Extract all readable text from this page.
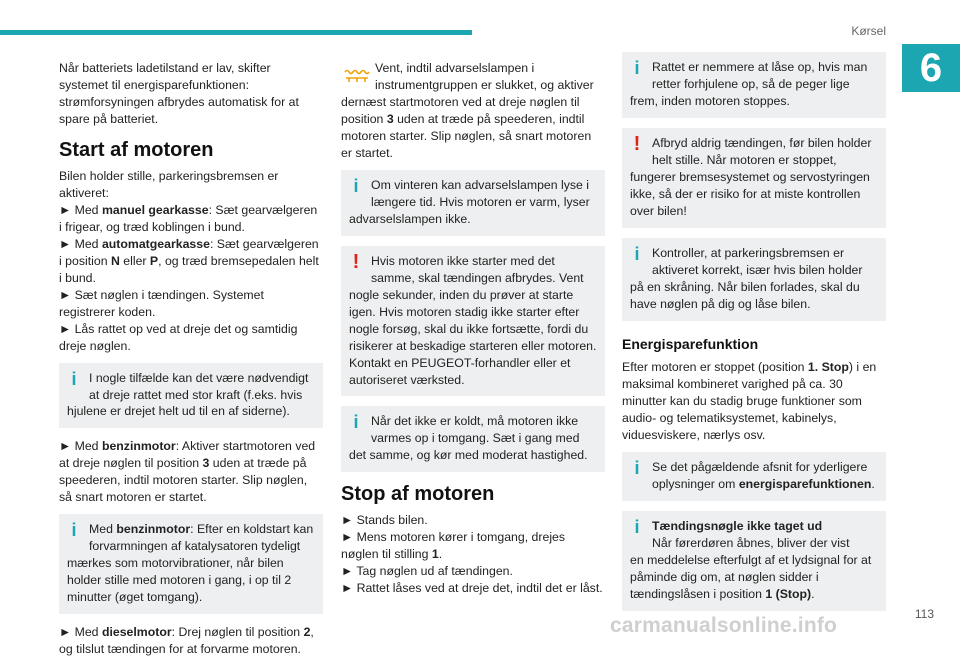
Kørsel
6

Når batteriets ladetilstand er lav, skifter systemet til energisparefunktionen: strømforsyningen afbrydes automatisk for at spare på batteriet.

Start af motoren

Bilen holder stille, parkeringsbremsen er aktiveret:
► Med manuel gearkasse: Sæt gearvælgeren i frigear, og træd koblingen i bund.
► Med automatgearkasse: Sæt gearvælgeren i position N eller P, og træd bremsepedalen helt i bund.
► Sæt nøglen i tændingen. Systemet registrerer koden.
► Lås rattet op ved at dreje det og samtidig dreje nøglen.

i I nogle tilfælde kan det være nødvendigt at dreje rattet med stor kraft (f.eks. hvis
hjulene er drejet helt ud til en af siderne).

► Med benzinmotor: Aktiver startmotoren ved at dreje nøglen til position 3 uden at træde på speederen, indtil motoren starter. Slip nøglen, så snart motoren er startet.

i Med benzinmotor: Efter en koldstart kan forvarmningen af katalysatoren tydeligt
mærkes som motorvibrationer, når bilen holder stille med motoren i gang, i op til 2 minutter (øget tomgang).

► Med dieselmotor: Drej nøglen til position 2, og tilslut tændingen for at forvarme motoren.

Vent, indtil advarselslampen i instrumentgruppen er slukket, og aktiver
dernæst startmotoren ved at dreje nøglen til position 3 uden at træde på speederen, indtil motoren starter. Slip nøglen, så snart motoren er startet.
i Om vinteren kan advarselslampen lyse i længere tid. Hvis motoren er varm, lyser
advarselslampen ikke.
! Hvis motoren ikke starter med det samme, skal tændingen afbrydes. Vent
nogle sekunder, inden du prøver at starte igen. Hvis motoren stadig ikke starter efter nogle forsøg, skal du ikke fortsætte, fordi du risikerer at beskadige starteren eller motoren. Kontakt en PEUGEOT-forhandler eller et autoriseret værksted.
i Når det ikke er koldt, må motoren ikke varmes op i tomgang. Sæt i gang med
det samme, og kør med moderat hastighed.
Stop af motoren

► Stands bilen.
► Mens motoren kører i tomgang, drejes nøglen til stilling 1.
► Tag nøglen ud af tændingen.
► Rattet låses ved at dreje det, indtil det er låst.

i Rattet er nemmere at låse op, hvis man retter forhjulene op, så de peger lige
frem, inden motoren stoppes.
! Afbryd aldrig tændingen, før bilen holder helt stille. Når motoren er stoppet,
fungerer bremsesystemet og servostyringen ikke, så der er risiko for at miste kontrollen over bilen!
i Kontroller, at parkeringsbremsen er aktiveret korrekt, især hvis bilen holder
på en skråning. Når bilen forlades, skal du have nøglen på dig og låse bilen.
Energisparefunktion

Efter motoren er stoppet (position 1. Stop) i en maksimal kombineret varighed på ca. 30 minutter kan du stadig bruge funktioner som audio- og telematiksystemet, kabinelys, viduesviskere, nærlys osv.

i Se det pågældende afsnit for yderligere oplysninger om energisparefunktionen.
i Tændingsnøgle ikke taget ud
Når førerdøren åbnes, bliver der vist
en meddelelse efterfulgt af et lydsignal for at påminde dig om, at nøglen sidder i tændingslåsen i position 1 (Stop).
carmanualsonline.info	113
